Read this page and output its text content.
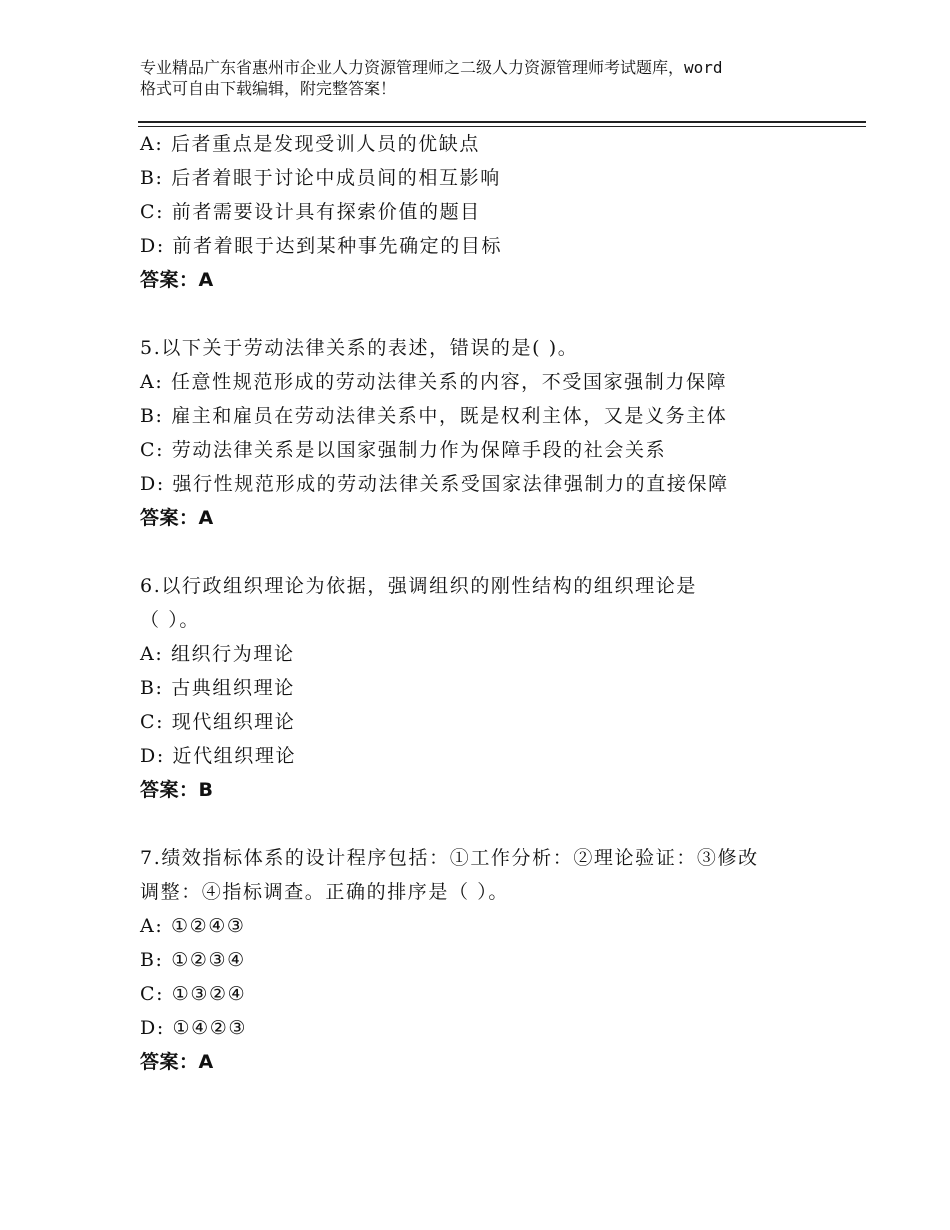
专业精品广东省惠州市企业人力资源管理师之二级人力资源管理师考试题库，word
格式可自由下载编辑，附完整答案！
A: 后者重点是发现受训人员的优缺点
B: 后者着眼于讨论中成员间的相互影响
C: 前者需要设计具有探索价值的题目
D: 前者着眼于达到某种事先确定的目标
答案：A
5.以下关于劳动法律关系的表述，错误的是( )。
A: 任意性规范形成的劳动法律关系的内容，不受国家强制力保障
B: 雇主和雇员在劳动法律关系中，既是权利主体，又是义务主体
C: 劳动法律关系是以国家强制力作为保障手段的社会关系
D: 强行性规范形成的劳动法律关系受国家法律强制力的直接保障
答案：A
6.以行政组织理论为依据，强调组织的刚性结构的组织理论是
（ ）。
A: 组织行为理论
B: 古典组织理论
C: 现代组织理论
D: 近代组织理论
答案：B
7.绩效指标体系的设计程序包括：①工作分析：②理论验证：③修改
调整：④指标调查。正确的排序是（ ）。
A: ①②④③
B: ①②③④
C: ①③②④
D: ①④②③
答案：A
